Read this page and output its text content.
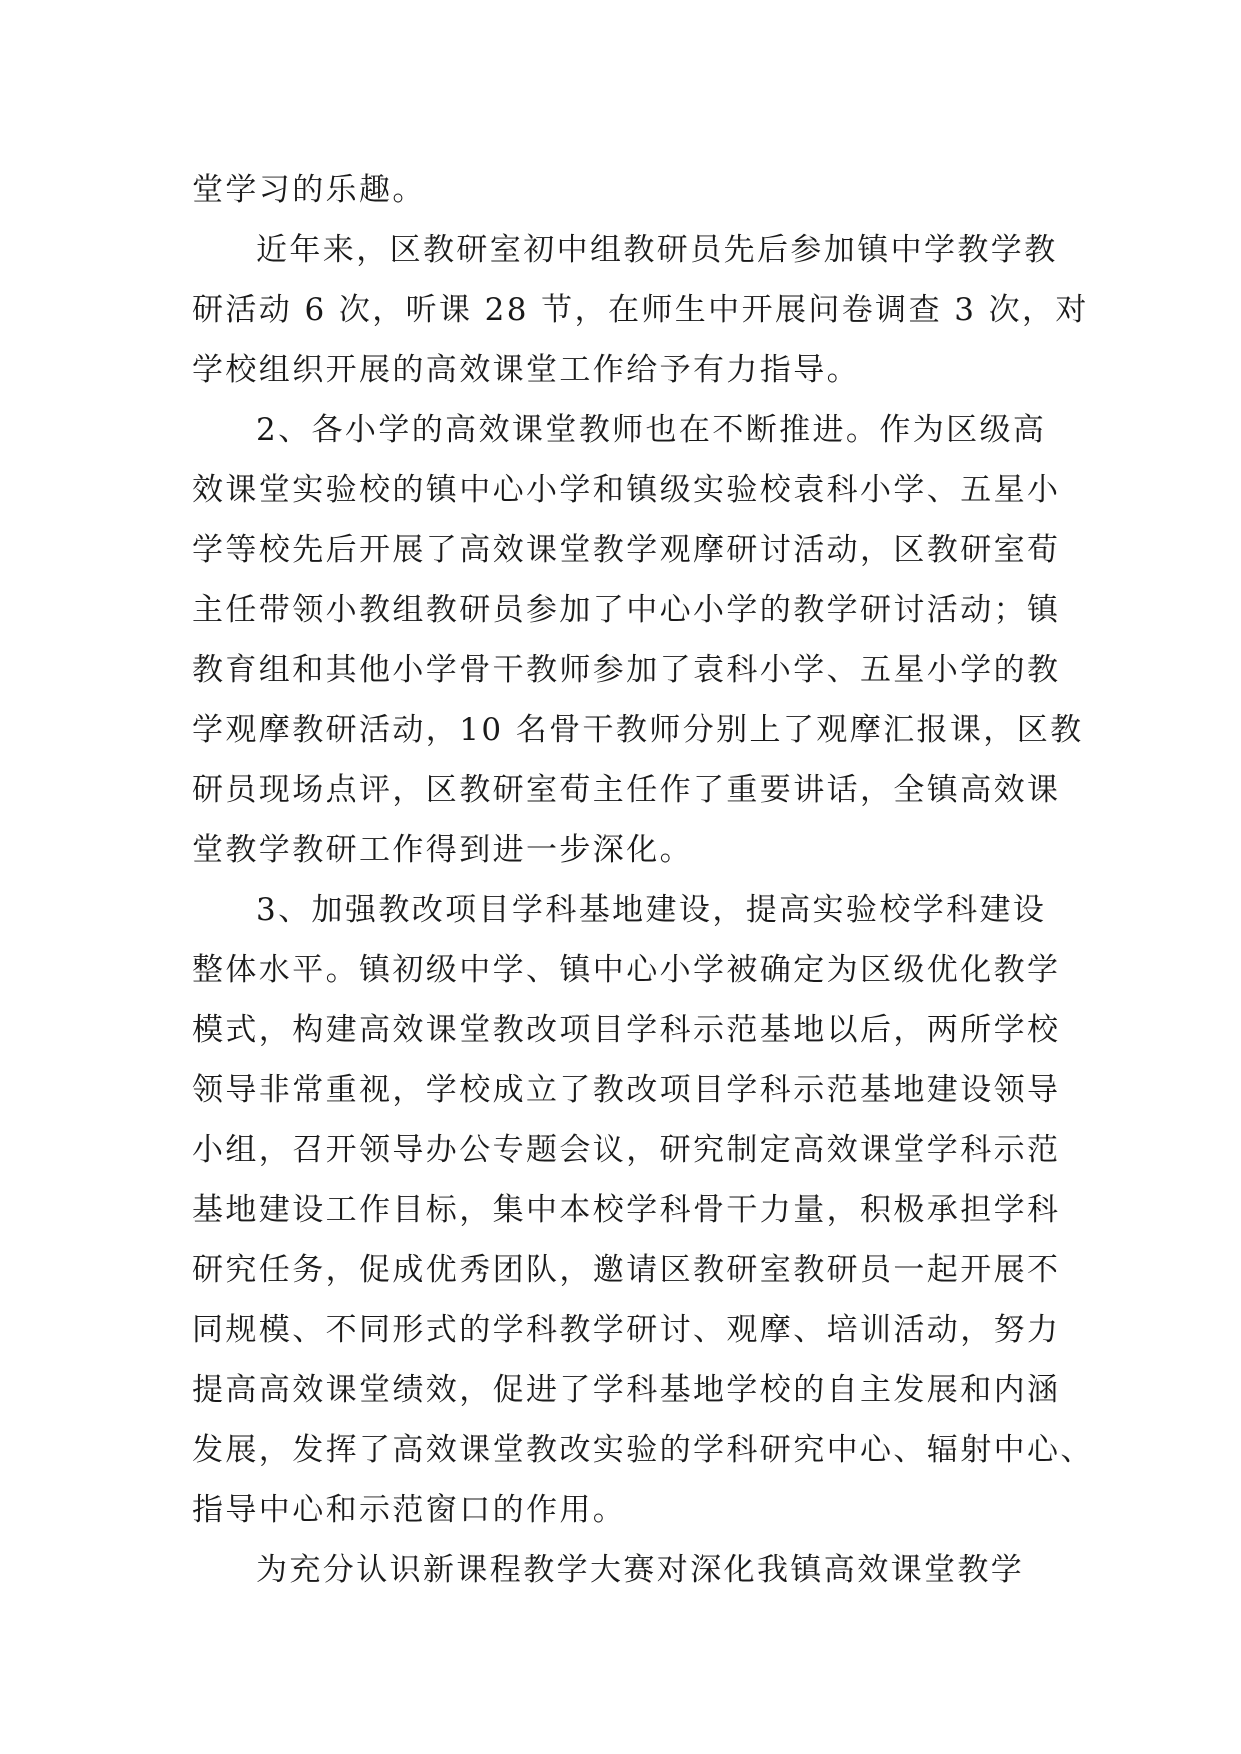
堂学习的乐趣。
近年来，区教研室初中组教研员先后参加镇中学教学教
研活动 6 次，听课 28 节，在师生中开展问卷调查 3 次，对
学校组织开展的高效课堂工作给予有力指导。
2、各小学的高效课堂教师也在不断推进。作为区级高
效课堂实验校的镇中心小学和镇级实验校袁科小学、五星小
学等校先后开展了高效课堂教学观摩研讨活动，区教研室荀
主任带领小教组教研员参加了中心小学的教学研讨活动；镇
教育组和其他小学骨干教师参加了袁科小学、五星小学的教
学观摩教研活动，10 名骨干教师分别上了观摩汇报课，区教
研员现场点评，区教研室荀主任作了重要讲话，全镇高效课
堂教学教研工作得到进一步深化。
3、加强教改项目学科基地建设，提高实验校学科建设
整体水平。镇初级中学、镇中心小学被确定为区级优化教学
模式，构建高效课堂教改项目学科示范基地以后，两所学校
领导非常重视，学校成立了教改项目学科示范基地建设领导
小组，召开领导办公专题会议，研究制定高效课堂学科示范
基地建设工作目标，集中本校学科骨干力量，积极承担学科
研究任务，促成优秀团队，邀请区教研室教研员一起开展不
同规模、不同形式的学科教学研讨、观摩、培训活动，努力
提高高效课堂绩效，促进了学科基地学校的自主发展和内涵
发展，发挥了高效课堂教改实验的学科研究中心、辐射中心、
指导中心和示范窗口的作用。
为充分认识新课程教学大赛对深化我镇高效课堂教学
